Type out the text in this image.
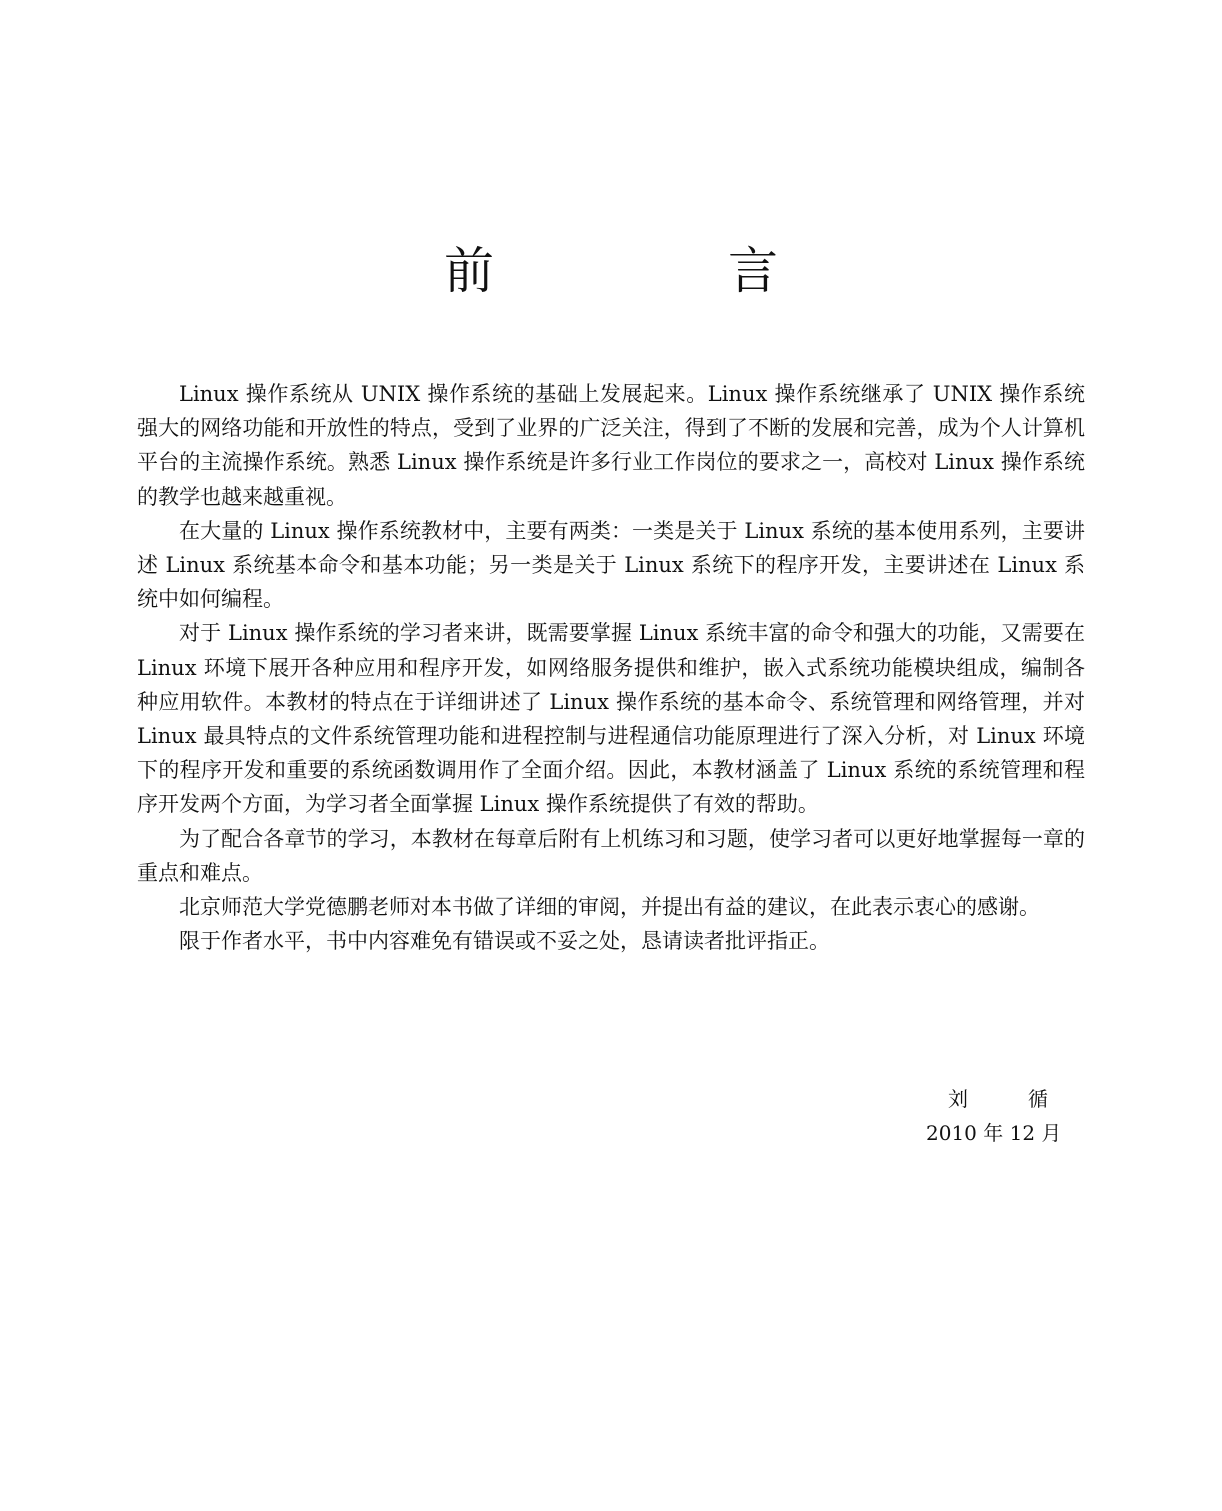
前　言

Linux 操作系统从 UNIX 操作系统的基础上发展起来。Linux 操作系统继承了 UNIX 操作系统强大的网络功能和开放性的特点，受到了业界的广泛关注，得到了不断的发展和完善，成为个人计算机平台的主流操作系统。熟悉 Linux 操作系统是许多行业工作岗位的要求之一，高校对 Linux 操作系统的教学也越来越重视。

在大量的 Linux 操作系统教材中，主要有两类：一类是关于 Linux 系统的基本使用系列，主要讲述 Linux 系统基本命令和基本功能；另一类是关于 Linux 系统下的程序开发，主要讲述在 Linux 系统中如何编程。

对于 Linux 操作系统的学习者来讲，既需要掌握 Linux 系统丰富的命令和强大的功能，又需要在 Linux 环境下展开各种应用和程序开发，如网络服务提供和维护，嵌入式系统功能模块组成，编制各种应用软件。本教材的特点在于详细讲述了 Linux 操作系统的基本命令、系统管理和网络管理，并对 Linux 最具特点的文件系统管理功能和进程控制与进程通信功能原理进行了深入分析，对 Linux 环境下的程序开发和重要的系统函数调用作了全面介绍。因此，本教材涵盖了 Linux 系统的系统管理和程序开发两个方面，为学习者全面掌握 Linux 操作系统提供了有效的帮助。

为了配合各章节的学习，本教材在每章后附有上机练习和习题，使学习者可以更好地掌握每一章的重点和难点。

北京师范大学党德鹏老师对本书做了详细的审阅，并提出有益的建议，在此表示衷心的感谢。

限于作者水平，书中内容难免有错误或不妥之处，恳请读者批评指正。

刘　循
2010 年 12 月
